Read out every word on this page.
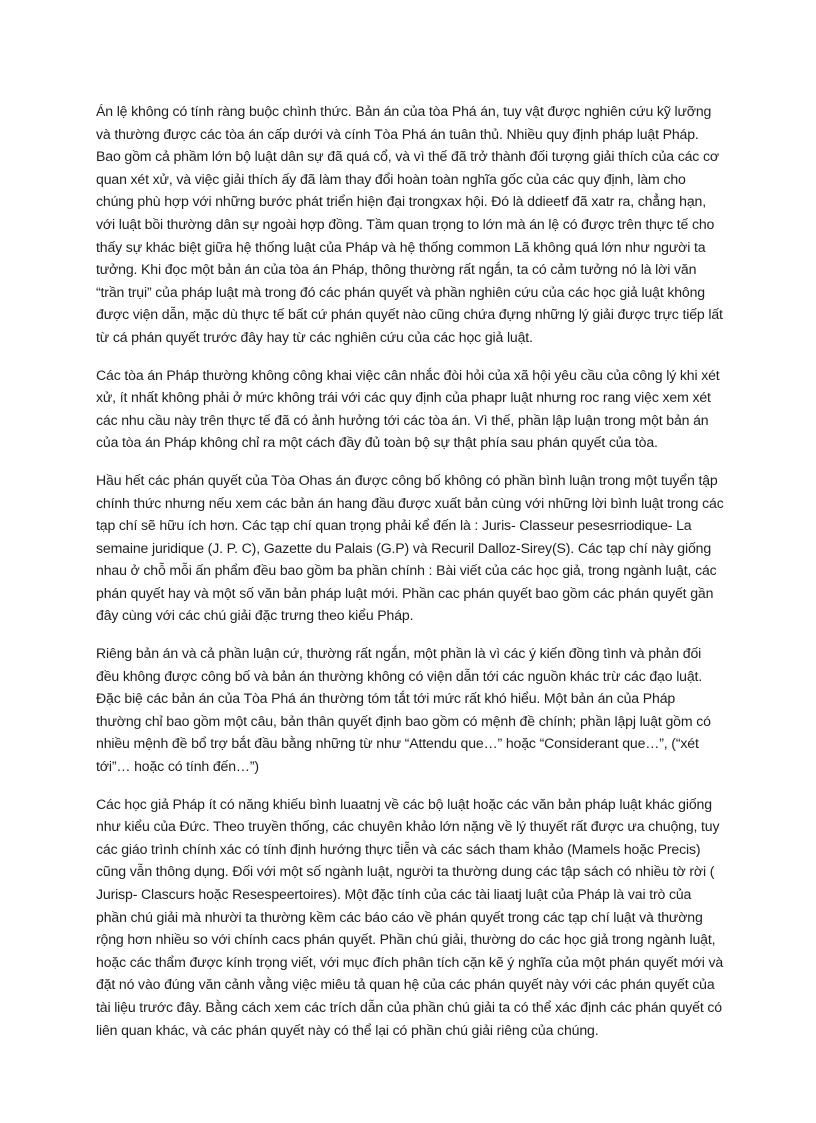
Án lệ không có tính ràng buộc chình thức. Bản án của tòa Phá án, tuy vật được nghiên cứu kỹ lưỡng và thường được các tòa án cấp dưới và cính Tòa Phá án tuân thủ. Nhiều quy định pháp luật Pháp. Bao gồm cả phầm lớn bộ luật dân sự đã quá cổ, và vì thế đã trở thành đối tượng giải thích của các cơ quan xét xử, và việc giải thích ấy đã làm thay đổi hoàn toàn nghĩa gốc của các quy định, làm cho chúng phù hợp với những bước phát triển hiện đại trongxax hội. Đó là ddieetf đã xatr ra, chẳng hạn, với luật bồi thường dân sự ngoài hợp đồng. Tầm quan trọng to lớn mà án lệ có được trên thực tế cho thấy sự khác biệt giữa hệ thống luật của Pháp và hệ thống common Lã không quá lớn như người ta tưởng. Khi đọc một bản án của tòa án Pháp, thông thường rất ngắn, ta có cảm tưởng nó là lời văn “trần trụi” của pháp luật mà trong đó các phán quyết và phần nghiên cứu của các học giả luật không được viện dẫn, mặc dù thực tế bất cứ phán quyết nào cũng chứa đựng những lý giải được trực tiếp lất từ cá phán quyết trước đây hay từ các nghiên cứu của các học giả luật.

Các tòa án Pháp thường không công khai việc cân nhắc đòi hỏi của xã hội yêu cầu của công lý khi xét xử, ít nhất không phải ở mức không trái với các quy định của phapr luật nhưng roc rang việc xem xét các nhu cầu này trên thực tế đã có ảnh hưởng tới các tòa án. Vì thế, phần lập luận trong một bản án của tòa án Pháp không chỉ ra một cách đầy đủ toàn bộ sự thật phía sau phán quyết của tòa.

Hầu hết các phán quyết của Tòa Ohas án được công bố không có phần bình luận trong một tuyển tập chính thức nhưng nếu xem các bản án hang đầu được xuất bản cùng với những lời bình luật trong các tạp chí sẽ hữu ích hơn. Các tạp chí quan trọng phải kể đến là : Juris- Classeur pesesrriodique- La semaine juridique (J. P. C), Gazette du Palais (G.P) và Recuril Dalloz-Sirey(S). Các tạp chí này giống nhau ở chỗ mỗi ấn phẩm đều bao gồm ba phần chính : Bài viết của các học giả, trong ngành luật, các phán quyết hay và một số văn bản pháp luật mới. Phần cac phán quyết bao gồm các phán quyết gần đây cùng với các chú giải đặc trưng theo kiểu Pháp.

Riêng bản án và cả phần luận cứ, thường rất ngắn, một phần là vì các ý kiến đồng tình và phản đối đều không được công bố và bản án thường không có viện dẫn tới các nguồn khác trừ các đạo luật. Đặc biệ các bản án của Tòa Phá án thường tóm tắt tới mức rất khó hiểu. Một bản án của Pháp thường chỉ bao gồm một câu, bản thân quyết định bao gồm có mệnh đề chính; phần lậpj luật gồm có nhiều mệnh đề bổ trợ bắt đầu bằng những từ như “Attendu que…” hoặc “Considerant que…”, (“xét tới”… hoặc có tính đến…”)

Các học giả Pháp ít có năng khiếu bình luaatnj về các bộ luật hoặc các văn bản pháp luật khác giống như kiểu của Đức. Theo truyền thống, các chuyên khảo lớn nặng về lý thuyết rất được ưa chuộng, tuy các giáo trình chính xác có tính định hướng thực tiễn và các sách tham khảo (Mamels hoặc Precis) cũng vẫn thông dụng. Đối với một số ngành luật, người ta thường dung các tập sách có nhiều tờ rời ( Jurisp- Clascurs hoặc Resespeertoires). Một đặc tính của các tài liaatj luật của Pháp là vai trò của phần chú giải mà nhười ta thường kềm các báo cáo về phán quyết trong các tạp chí luật và thường rộng hơn nhiều so với chính cacs phán quyết. Phần chú giải, thường do các học giả trong ngành luật, hoặc các thẩm được kính trọng viết, với mục đích phân tích cặn kẽ ý nghĩa của một phán quyết mới và đặt nó vào đúng văn cảnh vằng việc miêu tả quan hệ của các phán quyết này với các phán quyết của tài liệu trước đây. Bằng cách xem các trích dẫn của phần chú giải ta có thể xác định các phán quyết có liên quan khác, và các phán quyết này có thể lại có phần chú giải riêng của chúng.
